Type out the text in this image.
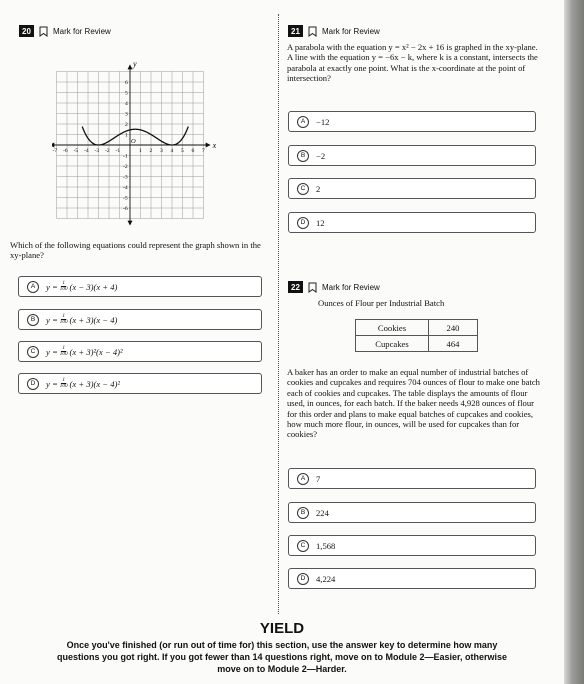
20	Mark for Review
x
y
O
-7 -6 -5 -4 -3 -2 -1	1 2 3 4 5 6 7
6
5
4
3
2
1
-1
-2
-3
-4
-5
-6
Which of the following equations could represent the graph shown in the xy-plane?
A	$y = \frac{1}{100} (x - 3)(x + 4)$
B	$y = \frac{1}{100} (x + 3)(x - 4)$
C	$y = \frac{1}{100} (x + 3)^2(x - 4)^2$
D	$y = \frac{1}{100} (x + 3)(x - 4)^2$
21	Mark for Review
A parabola with the equation y = x² − 2x + 16 is graphed in the xy-plane. A line with the equation y = −6x − k, where k is a constant, intersects the parabola at exactly one point. What is the x-coordinate at the point of intersection?
A	−12
B	−2
C	2
D	12
22	Mark for Review
Ounces of Flour per Industrial Batch
Cookies	240
Cupcakes	464
A baker has an order to make an equal number of industrial batches of cookies and cupcakes and requires 704 ounces of flour to make one batch each of cookies and cupcakes. The table displays the amounts of flour used, in ounces, for each batch. If the baker needs 4,928 ounces of flour for this order and plans to make equal batches of cupcakes and cookies, how much more flour, in ounces, will be used for cupcakes than for cookies?
A	7
B	224
C	1,568
D	4,224
YIELD
Once you've finished (or run out of time for) this section, use the answer key to determine how many questions you got right. If you got fewer than 14 questions right, move on to Module 2—Easier, otherwise move on to Module 2—Harder.
